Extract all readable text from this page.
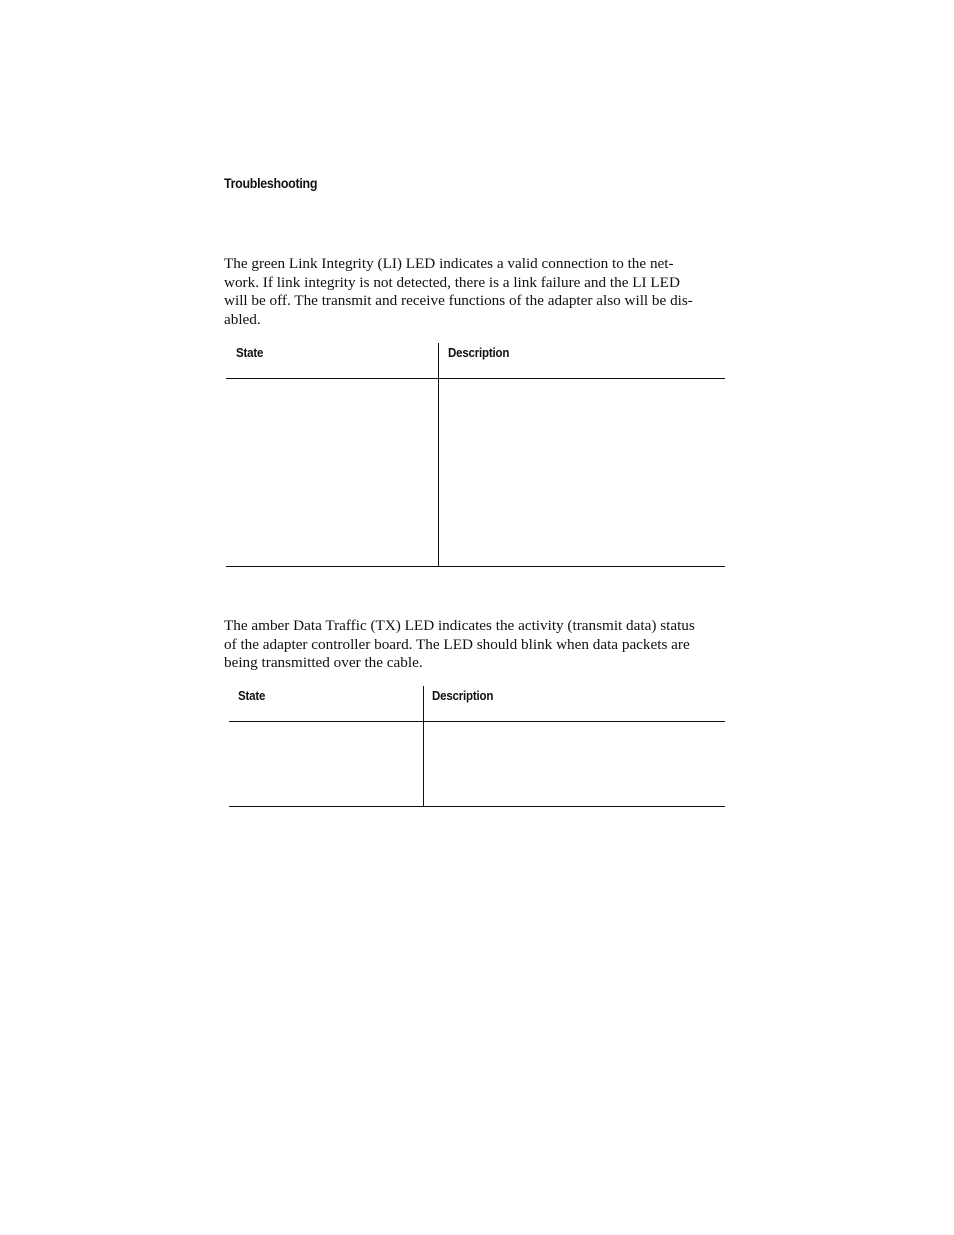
Troubleshooting

The green Link Integrity (LI) LED indicates a valid connection to the net-
work. If link integrity is not detected, there is a link failure and the LI LED
will be off. The transmit and receive functions of the adapter also will be dis-
abled.

State	Description

The amber Data Traffic (TX) LED indicates the activity (transmit data) status
of the adapter controller board. The LED should blink when data packets are
being transmitted over the cable.

State	Description
